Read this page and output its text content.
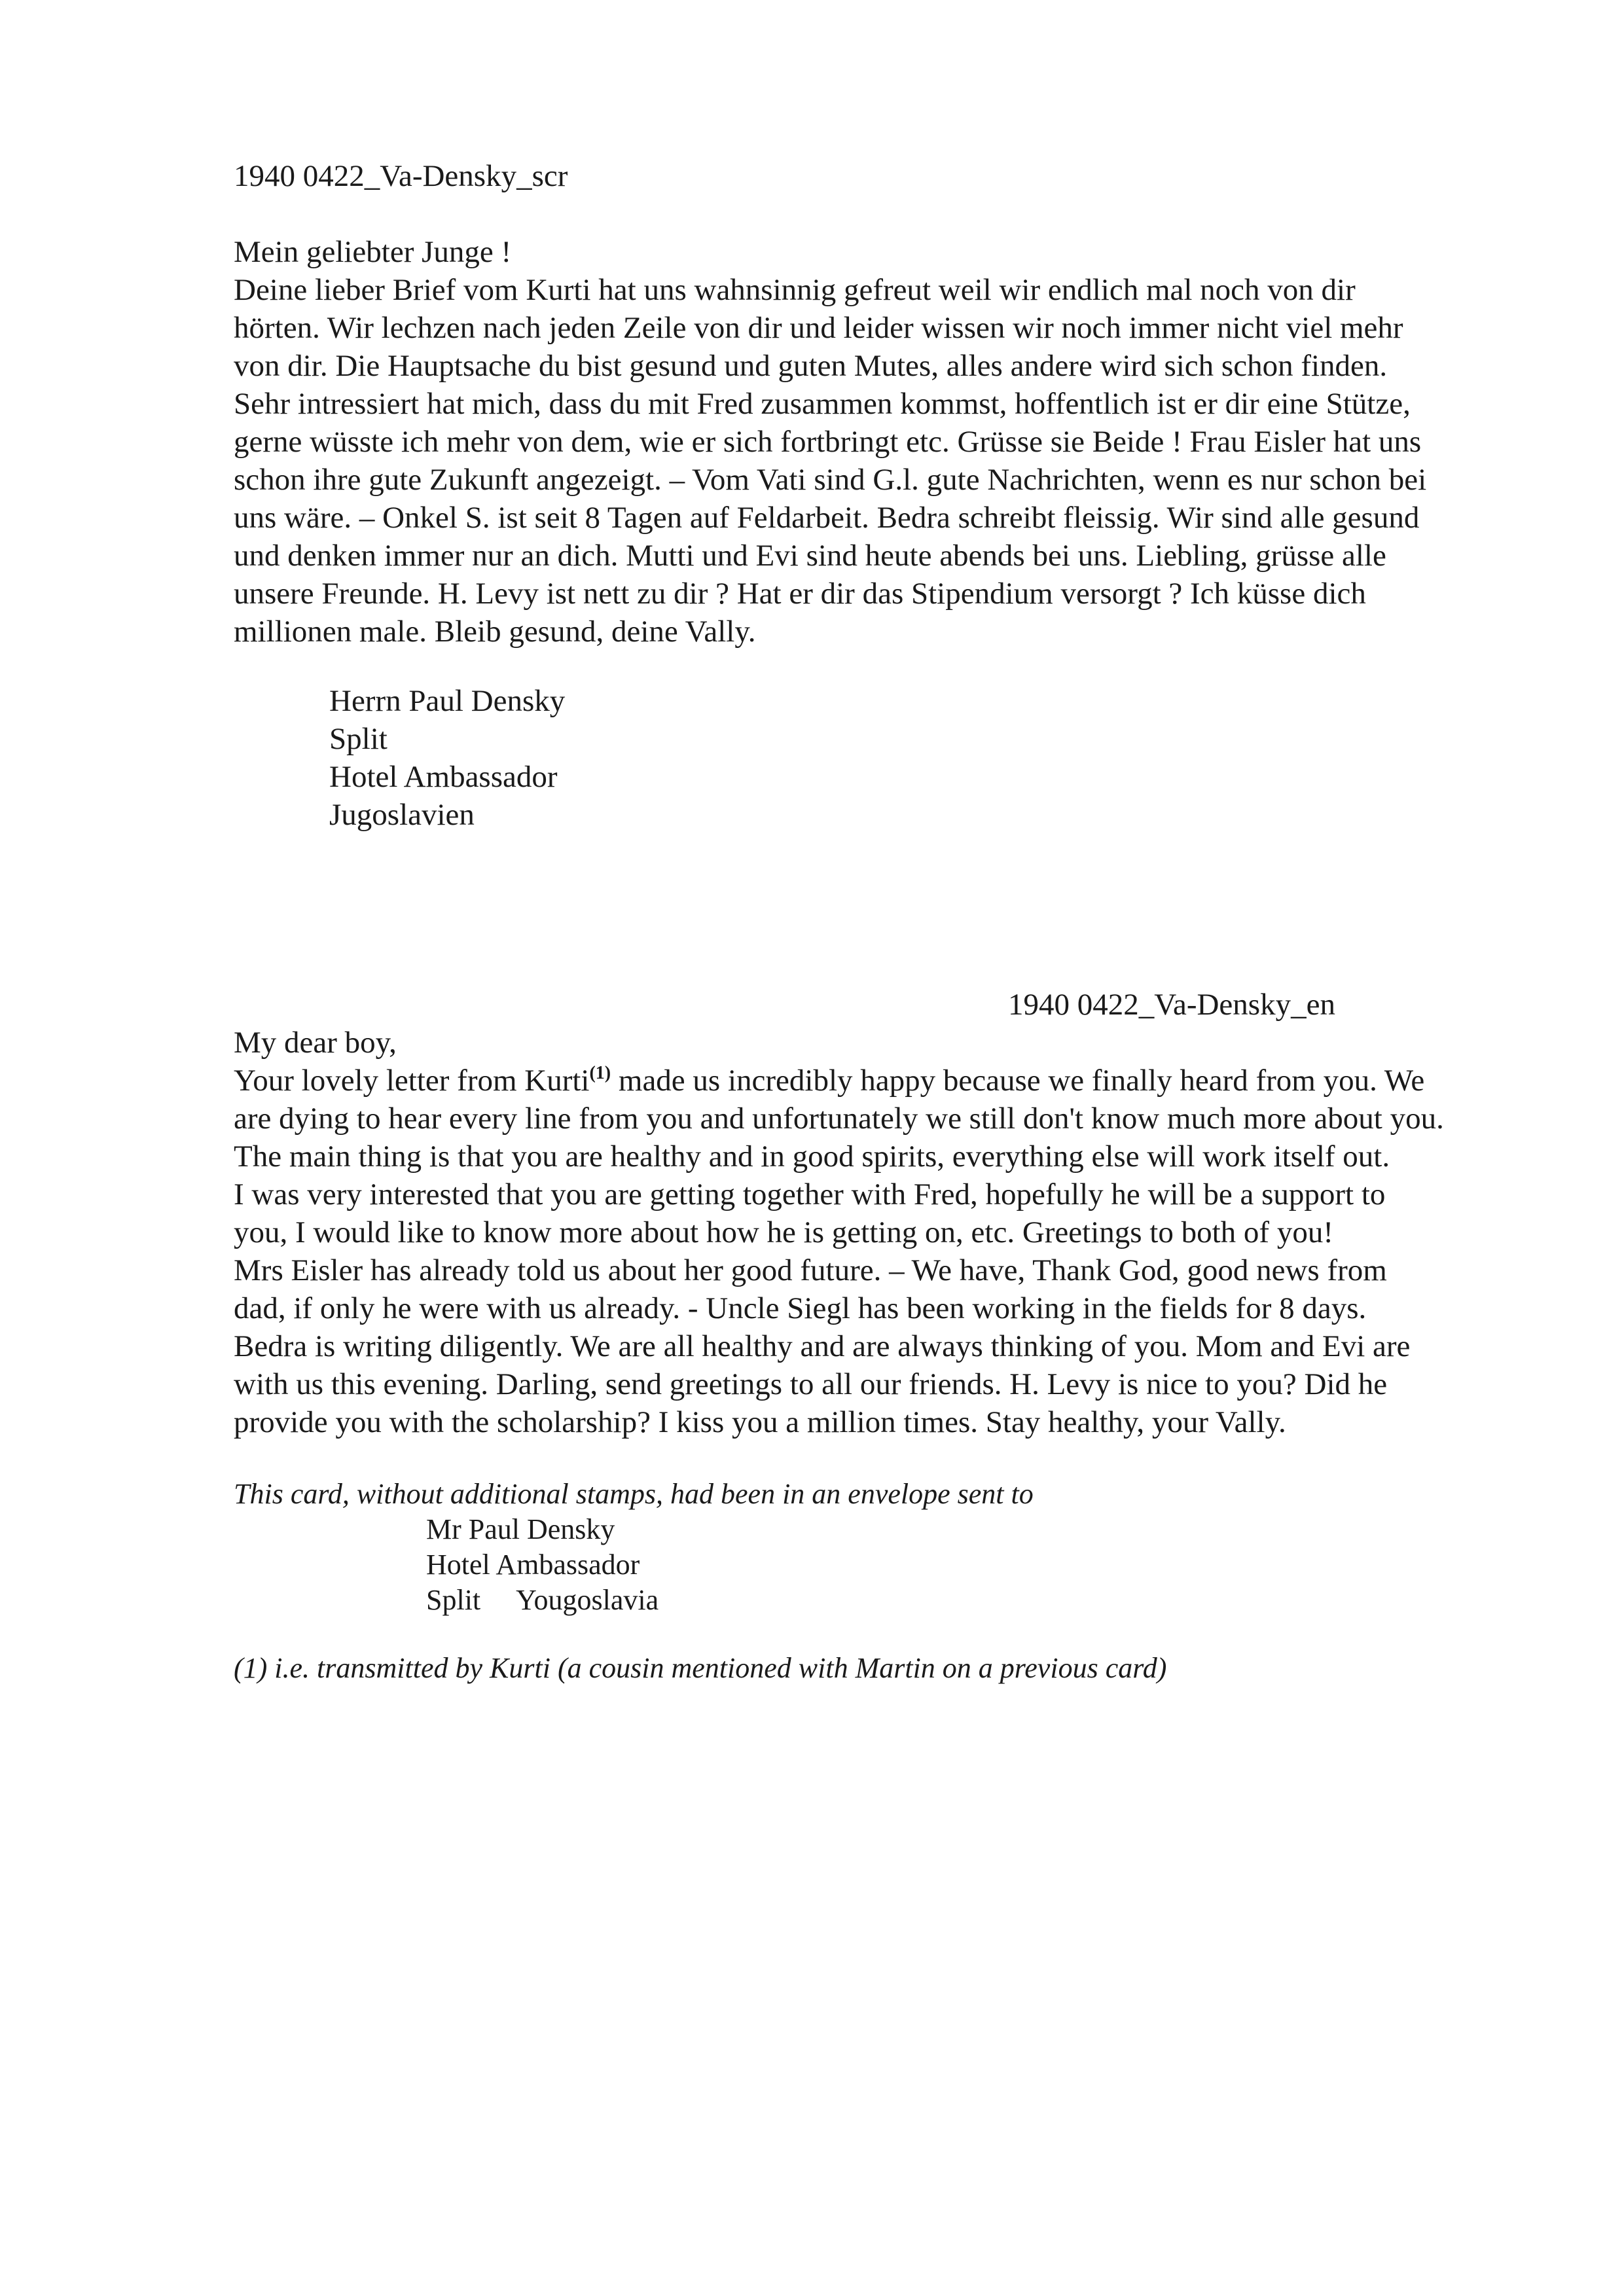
1940 0422_Va-Densky_scr

Mein geliebter Junge !

Deine lieber Brief vom Kurti hat uns wahnsinnig gefreut weil wir endlich mal noch von dir

hörten. Wir lechzen nach jeden Zeile von dir und leider wissen wir noch immer nicht viel mehr

von dir. Die Hauptsache du bist gesund und guten Mutes, alles andere wird sich schon finden.

Sehr intressiert hat mich, dass du mit Fred zusammen kommst, hoffentlich ist er dir eine Stütze,

gerne wüsste ich mehr von dem, wie er sich fortbringt etc. Grüsse sie Beide ! Frau Eisler hat uns

schon ihre gute Zukunft angezeigt. – Vom Vati sind G.l. gute Nachrichten, wenn es nur schon bei

uns wäre. – Onkel S. ist seit 8 Tagen auf Feldarbeit. Bedra schreibt fleissig. Wir sind alle gesund

und denken immer nur an dich. Mutti und Evi sind heute abends bei uns. Liebling, grüsse alle

unsere Freunde. H. Levy ist nett zu dir ? Hat er dir das Stipendium versorgt ? Ich küsse dich

millionen male. Bleib gesund, deine Vally.

Herrn Paul Densky
Split
Hotel Ambassador
Jugoslavien
1940 0422_Va-Densky_en

My dear boy,

Your lovely letter from Kurti$^{(1)}$ made us incredibly happy because we finally heard from you. We

are dying to hear every line from you and unfortunately we still don't know much more about you.

The main thing is that you are healthy and in good spirits, everything else will work itself out.

I was very interested that you are getting together with Fred, hopefully he will be a support to

you, I would like to know more about how he is getting on, etc. Greetings to both of you!

Mrs Eisler has already told us about her good future. – We have, Thank God, good news from

dad, if only he were with us already. - Uncle Siegl has been working in the fields for 8 days.

Bedra is writing diligently. We are all healthy and are always thinking of you. Mom and Evi are

with us this evening. Darling, send greetings to all our friends. H. Levy is nice to you? Did he

provide you with the scholarship? I kiss you a million times. Stay healthy, your Vally.

This card, without additional stamps, had been in an envelope sent to
Mr Paul Densky
Hotel Ambassador
Split Yougoslavia
(1) i.e. transmitted by Kurti (a cousin mentioned with Martin on a previous card)
